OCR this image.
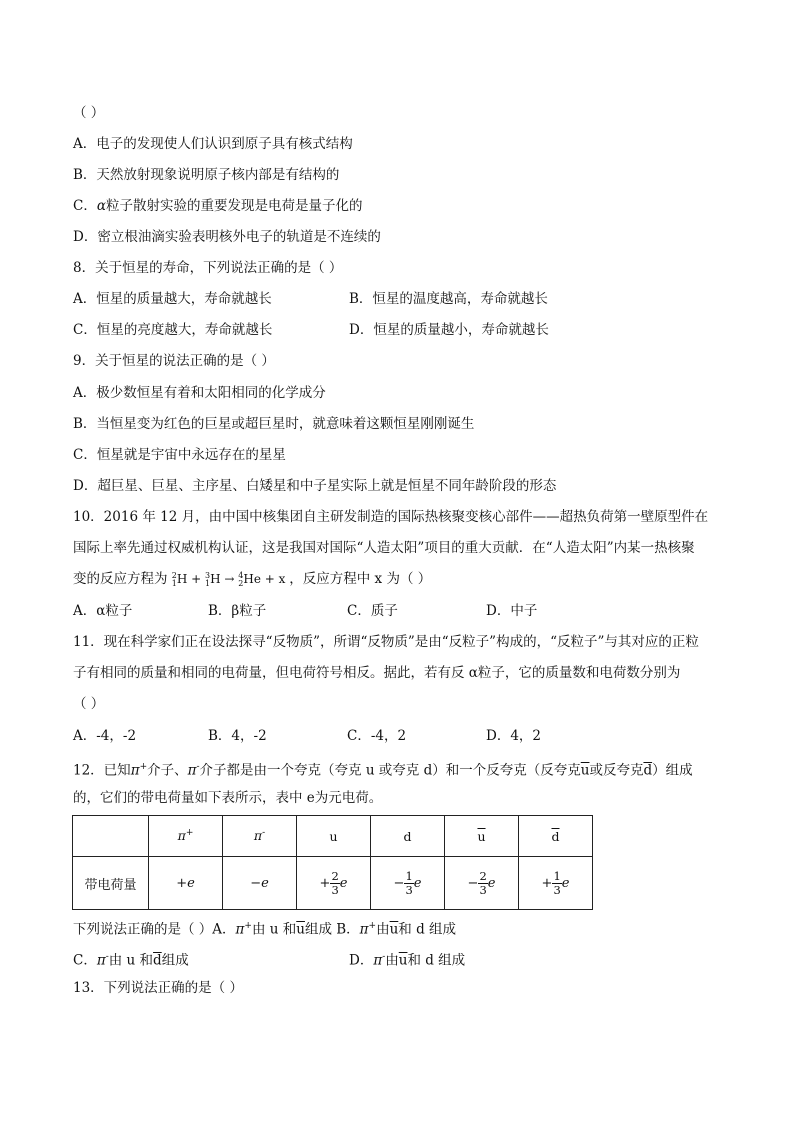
（ ）
A．电子的发现使人们认识到原子具有核式结构
B．天然放射现象说明原子核内部是有结构的
C．α粒子散射实验的重要发现是电荷是量子化的
D．密立根油滴实验表明核外电子的轨道是不连续的
8．关于恒星的寿命，下列说法正确的是（ ）
A．恒星的质量越大，寿命就越长	B．恒星的温度越高，寿命就越长
C．恒星的亮度越大，寿命就越长	D．恒星的质量越小，寿命就越长
9．关于恒星的说法正确的是（ ）
A．极少数恒星有着和太阳相同的化学成分
B．当恒星变为红色的巨星或超巨星时，就意味着这颗恒星刚刚诞生
C．恒星就是宇宙中永远存在的星星
D．超巨星、巨星、主序星、白矮星和中子星实际上就是恒星不同年龄阶段的形态
10．2016 年 12 月，由中国中核集团自主研发制造的国际热核聚变核心部件——超热负荷第一壁原型件在
国际上率先通过权威机构认证，这是我国对国际“人造太阳”项目的重大贡献．在“人造太阳”内某一热核聚
变的反应方程为 2
1 H + 3
1 H → 4
2 He + x ，反应方程中 x 为（ ）
A．α粒子	B．β粒子	C．质子	D．中子
11．现在科学家们正在设法探寻“反物质”，所谓“反物质”是由“反粒子”构成的，“反粒子”与其对应的正粒
子有相同的质量和相同的电荷量，但电荷符号相反。据此，若有反 α粒子，它的质量数和电荷数分别为
（ ）
A．-4，-2	B．4，-2	C．-4，2	D．4，2
12．已知π+介子、π-介子都是由一个夸克（夸克 u 或夸克 d）和一个反夸克（反夸克$\overline{u}$或反夸克$\overline{d}$）组成
的，它们的带电荷量如下表所示，表中 e为元电荷。
	π+	π-	u	d	$\overline{u}$	$\overline{d}$
带电荷量	+e	−e	+ $\frac{2}{3}$ e	− $\frac{1}{3}$ e	− $\frac{2}{3}$ e	+ $\frac{1}{3}$ e
下列说法正确的是（ ）A．π+由 u 和$\overline{u}$组成 B．π+由$\overline{u}$和 d 组成
C．π-由 u 和$\overline{d}$组成	D．π-由$\overline{u}$和 d 组成
13．下列说法正确的是（ ）
